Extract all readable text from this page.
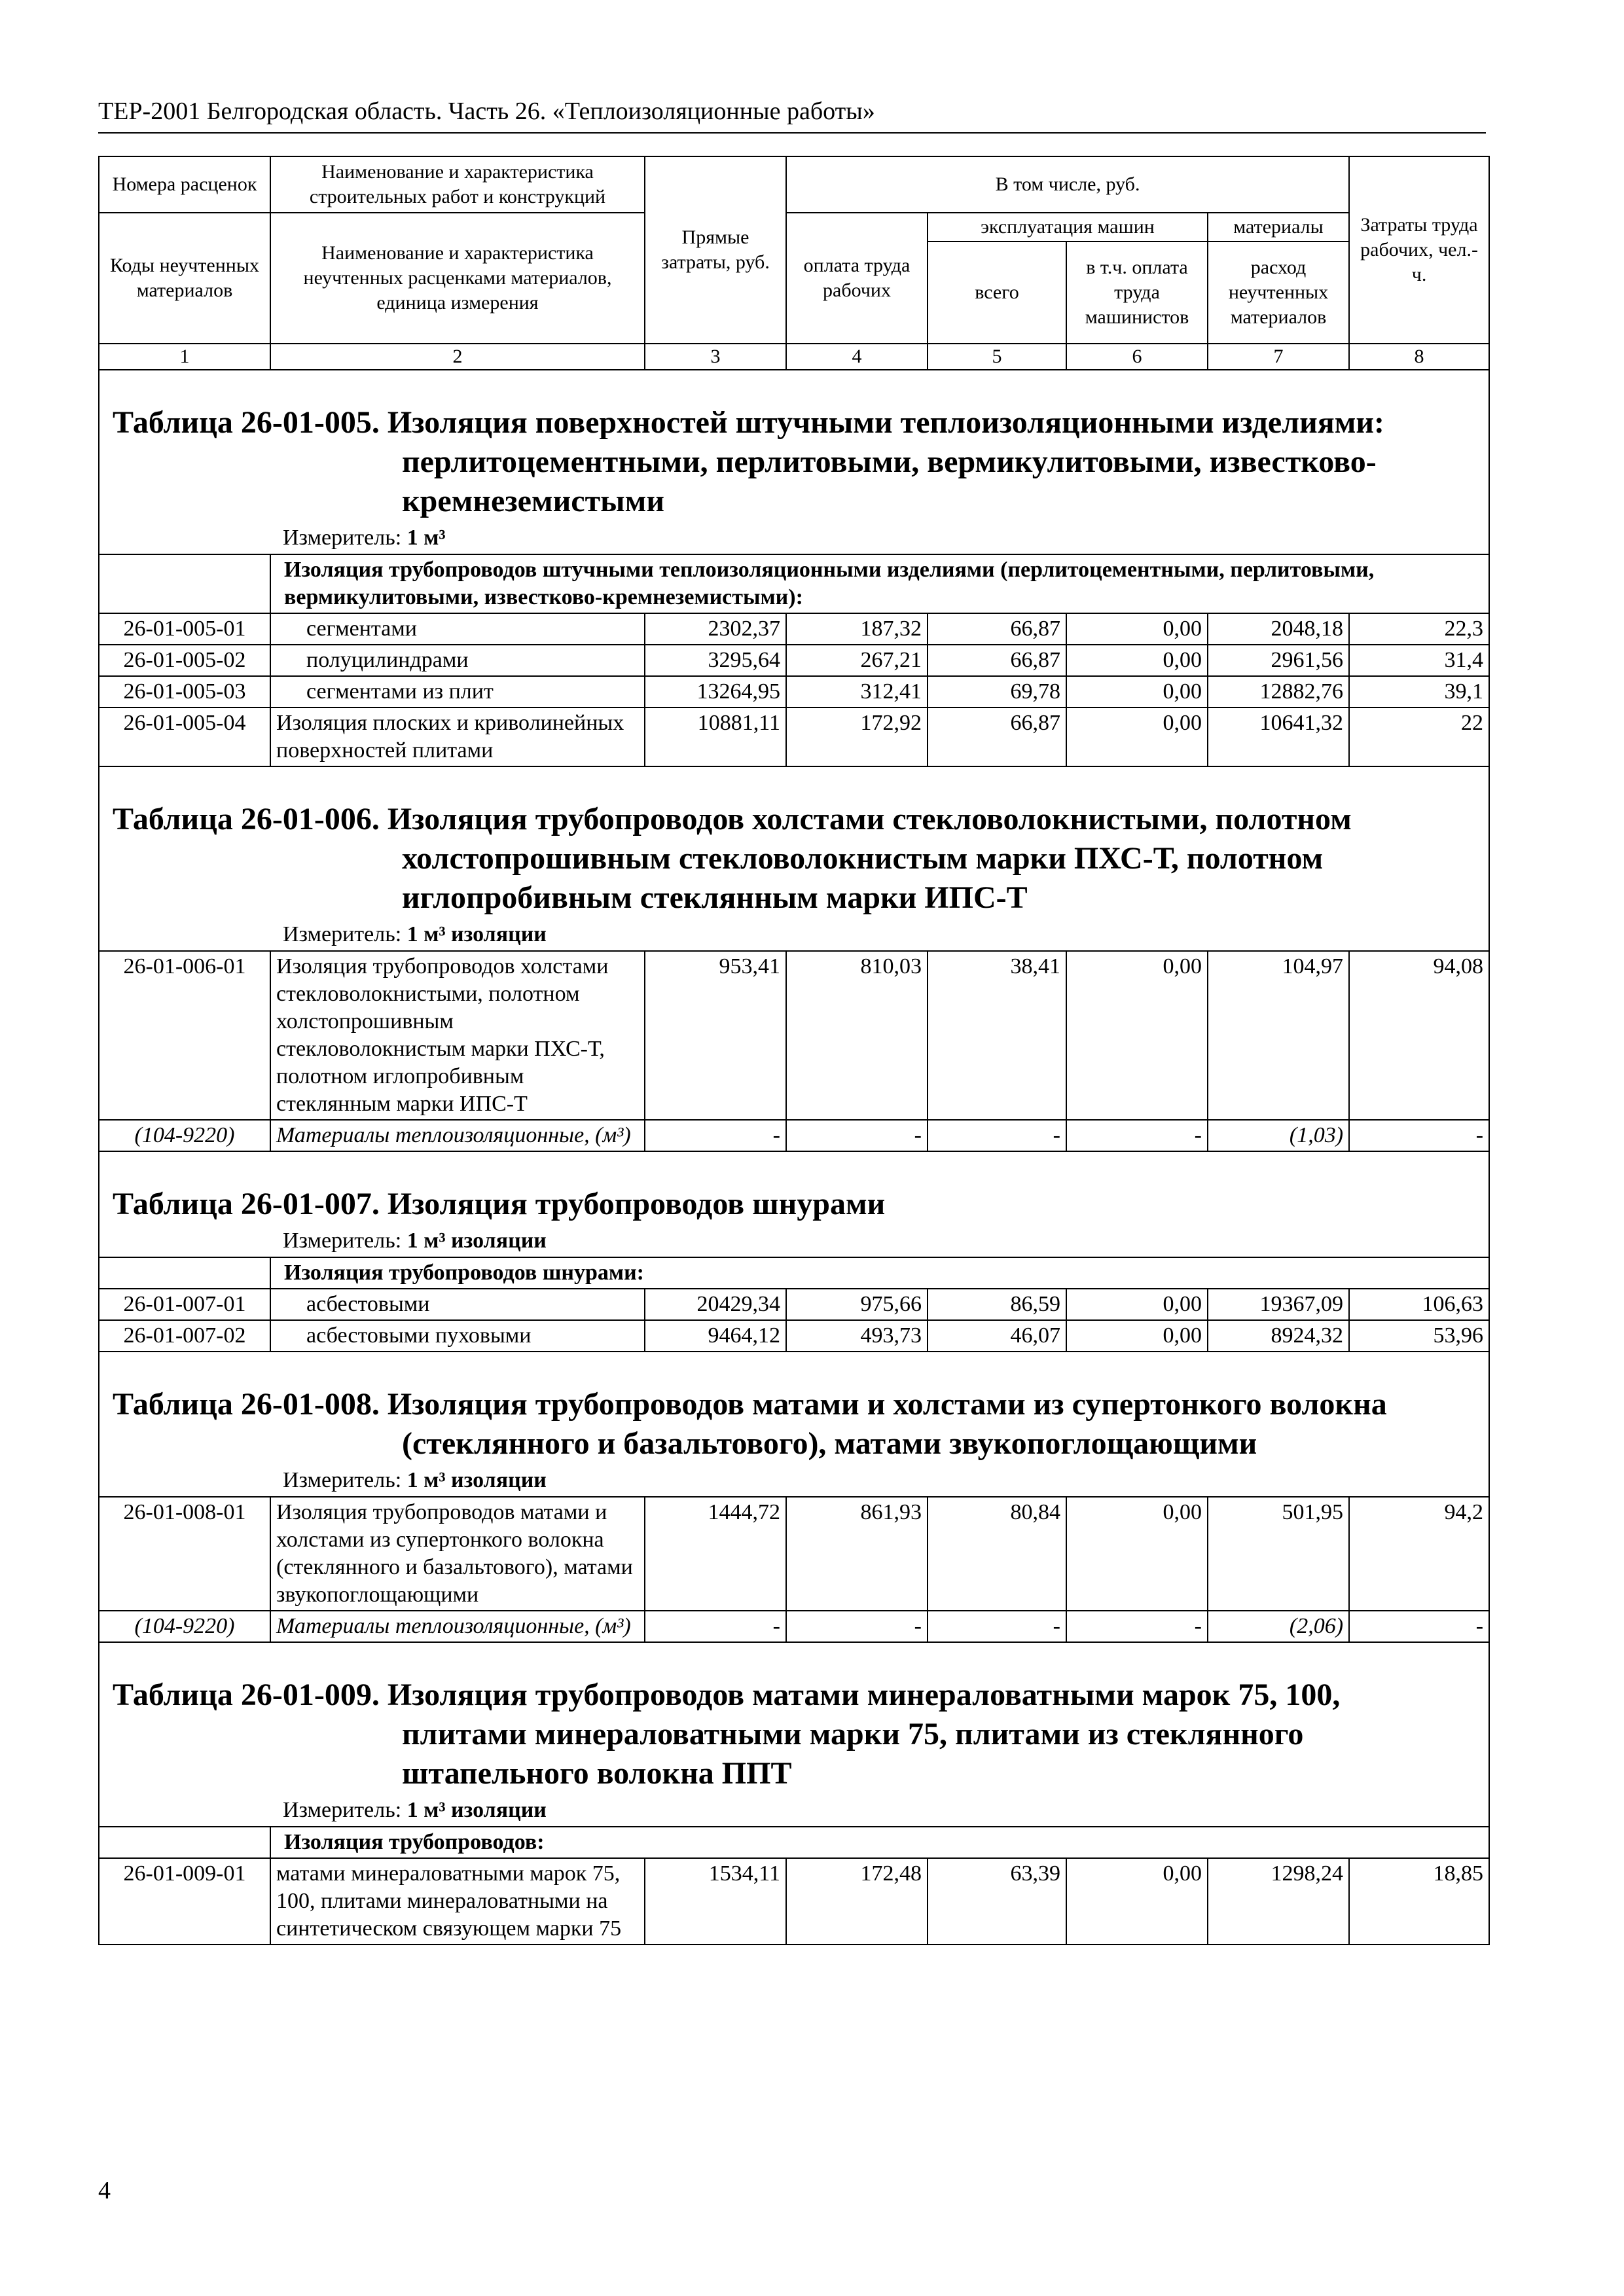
ТЕР-2001 Белгородская область. Часть 26. «Теплоизоляционные работы»
Номера расценок	Наименование и характеристика строительных работ и конструкций	Прямые затраты, руб.	В том числе, руб.				Затраты труда рабочих, чел.-ч.
Коды неучтенных материалов	Наименование и характеристика неучтенных расценками материалов, единица измерения		оплата труда рабочих	эксплуатация машин		материалы	
				всего	в т.ч. оплата труда машинистов	расход неучтенных материалов	
1	2	3	4	5	6	7	8

Таблица 26-01-005. Изоляция поверхностей штучными теплоизоляционными изделиями:
перлитоцементными, перлитовыми, вермикулитовыми, известково-кремнеземистыми
Измеритель: 1 м³							

	Изоляция трубопроводов штучными теплоизоляционными изделиями (перлитоцементными, перлитовыми, вермикулитовыми, известково-кремнеземистыми):						
26-01-005-01	сегментами	2302,37	187,32	66,87	0,00	2048,18	22,3
26-01-005-02	полуцилиндрами	3295,64	267,21	66,87	0,00	2961,56	31,4
26-01-005-03	сегментами из плит	13264,95	312,41	69,78	0,00	12882,76	39,1
26-01-005-04	Изоляция плоских и криволинейных поверхностей плитами	10881,11	172,92	66,87	0,00	10641,32	22

Таблица 26-01-006. Изоляция трубопроводов холстами стекловолокнистыми, полотном
холстопрошивным стекловолокнистым марки ПХС-Т, полотном иглопробивным стеклянным марки ИПС-Т
Измеритель: 1 м³ изоляции							

26-01-006-01	Изоляция трубопроводов холстами стекловолокнистыми, полотном холстопрошивным стекловолокнистым марки ПХС-Т, полотном иглопробивным стеклянным марки ИПС-Т	953,41	810,03	38,41	0,00	104,97	94,08
(104-9220)	Материалы теплоизоляционные, (м³)	-	-	-	-	(1,03)	-

Таблица 26-01-007. Изоляция трубопроводов шнурами
Измеритель: 1 м³ изоляции							

	Изоляция трубопроводов шнурами:						
26-01-007-01	асбестовыми	20429,34	975,66	86,59	0,00	19367,09	106,63
26-01-007-02	асбестовыми пуховыми	9464,12	493,73	46,07	0,00	8924,32	53,96

Таблица 26-01-008. Изоляция трубопроводов матами и холстами из супертонкого волокна
(стеклянного и базальтового), матами звукопоглощающими
Измеритель: 1 м³ изоляции							

26-01-008-01	Изоляция трубопроводов матами и холстами из супертонкого волокна (стеклянного и базальтового), матами звукопоглощающими	1444,72	861,93	80,84	0,00	501,95	94,2
(104-9220)	Материалы теплоизоляционные, (м³)	-	-	-	-	(2,06)	-

Таблица 26-01-009. Изоляция трубопроводов матами минераловатными марок 75, 100,
плитами минераловатными марки 75, плитами из стеклянного штапельного волокна ППТ
Измеритель: 1 м³ изоляции							

	Изоляция трубопроводов:						
26-01-009-01	матами минераловатными марок 75, 100, плитами минераловатными на синтетическом связующем марки 75	1534,11	172,48	63,39	0,00	1298,24	18,85
4
